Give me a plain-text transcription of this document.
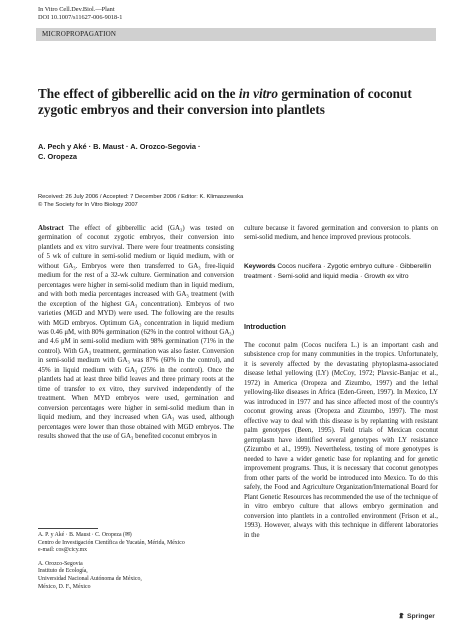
In Vitro Cell.Dev.Biol.—Plant
DOI 10.1007/s11627-006-9018-1
MICROPROPAGATION
The effect of gibberellic acid on the in vitro germination of coconut zygotic embryos and their conversion into plantlets
A. Pech y Aké · B. Maust · A. Orozco-Segovia ·
C. Oropeza
Received: 26 July 2006 / Accepted: 7 December 2006 / Editor: K. Klimaszewska
© The Society for In Vitro Biology 2007

Abstract The effect of gibberellic acid (GA₃) was tested on germination of coconut zygotic embryos, their conversion into plantlets and ex vitro survival. There were four treatments consisting of 5 wk of culture in semi-solid medium or liquid medium, with or without GA₃. Embryos were then transferred to GA₃ free-liquid medium for the rest of a 32-wk culture. Germination and conversion percentages were higher in semi-solid medium than in liquid medium, and with both media percentages increased with GA₃ treatment (with the exception of the highest GA₃ concentration). Embryos of two varieties (MGD and MYD) were used. The following are the results with MGD embryos. Optimum GA₃ concentration in liquid medium was 0.46 μM, with 80% germination (62% in the control without GA₃) and 4.6 μM in semi-solid medium with 98% germination (71% in the control). With GA₃ treatment, germination was also faster. Conversion in semi-solid medium with GA₃ was 87% (60% in the control), and 45% in liquid medium with GA₃ (25% in the control). Once the plantlets had at least three bifid leaves and three primary roots at the time of transfer to ex vitro, they survived independently of the treatment. When MYD embryos were used, germination and conversion percentages were higher in semi-solid medium than in liquid medium, and they increased when GA₃ was used, although percentages were lower than those obtained with MGD embryos. The results showed that the use of GA₃ benefited coconut embryos in

culture because it favored germination and conversion to plants on semi-solid medium, and hence improved previous protocols.

Keywords Cocos nucifera · Zygotic embryo culture · Gibberellin treatment · Semi-solid and liquid media · Growth ex vitro
Introduction
The coconut palm (Cocos nucifera L.) is an important cash and subsistence crop for many communities in the tropics. Unfortunately, it is severely affected by the devastating phytoplasma-associated disease lethal yellowing (LY) (McCoy, 1972; Plavsic-Banjac et al., 1972) in America (Oropeza and Zizumbo, 1997) and the lethal yellowing-like diseases in Africa (Eden-Green, 1997). In Mexico, LY was introduced in 1977 and has since affected most of the country's coconut growing areas (Oropeza and Zizumbo, 1997). The most effective way to deal with this disease is by replanting with resistant palm genotypes (Been, 1995). Field trials of Mexican coconut germplasm have identified several genotypes with LY resistance (Zizumbo et al., 1999). Nevertheless, testing of more genotypes is needed to have a wider genetic base for replanting and for genetic improvement programs. Thus, it is necessary that coconut genotypes from other parts of the world be introduced into Mexico. To do this safely, the Food and Agriculture Organization/International Board for Plant Genetic Resources has recommended the use of the technique of in vitro embryo culture that allows embryo germination and conversion into plantlets in a controlled environment (Frison et al., 1993). However, always with this technique in different laboratories in the
A. P. y Aké · B. Maust · C. Oropeza (✉)
Centro de Investigación Científica de Yucatán, Mérida, México
e-mail: cos@cicy.mx
A. Orozco-Segovia
Instituto de Ecología,
Universidad Nacional Autónoma de México,
México, D. F., México
Springer
